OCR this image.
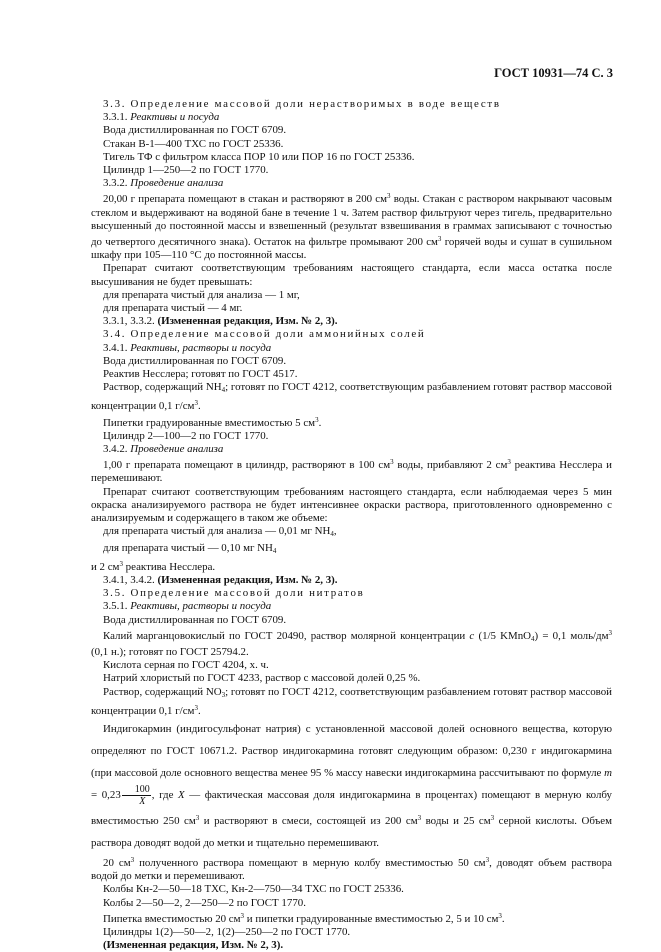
ГОСТ 10931—74 С. 3

3.3. Определение массовой доли нерастворимых в воде веществ

3.3.1. Реактивы и посуда

Вода дистиллированная по ГОСТ 6709.

Стакан В-1—400 ТХС по ГОСТ 25336.

Тигель ТФ с фильтром класса ПОР 10 или ПОР 16 по ГОСТ 25336.

Цилиндр 1—250—2 по ГОСТ 1770.

3.3.2. Проведение анализа

20,00 г препарата помещают в стакан и растворяют в 200 $см^3$ воды. Стакан с раствором накрывают часовым стеклом и выдерживают на водяной бане в течение 1 ч. Затем раствор фильтруют через тигель, предварительно высушенный до постоянной массы и взвешенный (результат взвешивания в граммах записывают с точностью до четвертого десятичного знака). Остаток на фильтре промывают 200 $см^3$ горячей воды и сушат в сушильном шкафу при 105—110 °С до постоянной массы.

Препарат считают соответствующим требованиям настоящего стандарта, если масса остатка после высушивания не будет превышать:

для препарата чистый для анализа — 1 мг,

для препарата чистый — 4 мг.

3.3.1, 3.3.2. (Измененная редакция, Изм. № 2, 3).

3.4. Определение массовой доли аммонийных солей

3.4.1. Реактивы, растворы и посуда

Вода дистиллированная по ГОСТ 6709.

Реактив Несслера; готовят по ГОСТ 4517.

Раствор, содержащий $NH_4$; готовят по ГОСТ 4212, соответствующим разбавлением готовят раствор массовой концентрации 0,1 $г/см^3$.

Пипетки градуированные вместимостью 5 $см^3$.

Цилиндр 2—100—2 по ГОСТ 1770.

3.4.2. Проведение анализа

1,00 г препарата помещают в цилиндр, растворяют в 100 $см^3$ воды, прибавляют 2 $см^3$ реактива Несслера и перемешивают.

Препарат считают соответствующим требованиям настоящего стандарта, если наблюдаемая через 5 мин окраска анализируемого раствора не будет интенсивнее окраски раствора, приготовленного одновременно с анализируемым и содержащего в таком же объеме:

для препарата чистый для анализа — 0,01 мг $NH_4$,

для препарата чистый — 0,10 мг $NH_4$

и 2 $см^3$ реактива Несслера.

3.4.1, 3.4.2. (Измененная редакция, Изм. № 2, 3).

3.5. Определение массовой доли нитратов

3.5.1. Реактивы, растворы и посуда

Вода дистиллированная по ГОСТ 6709.

Калий марганцовокислый по ГОСТ 20490, раствор молярной концентрации c (1/5 KMnO$_4$) = 0,1 моль/$дм^3$ (0,1 н.); готовят по ГОСТ 25794.2.

Кислота серная по ГОСТ 4204, х. ч.

Натрий хлористый по ГОСТ 4233, раствор с массовой долей 0,25 %.

Раствор, содержащий $NO_3$; готовят по ГОСТ 4212, соответствующим разбавлением готовят раствор массовой концентрации 0,1 $г/см^3$.

Индигокармин (индигосульфонат натрия) с установленной массовой долей основного вещества, которую определяют по ГОСТ 10671.2. Раствор индигокармина готовят следующим образом: 0,230 г индигокармина (при массовой доле основного вещества менее 95 % массу навески индигокармина рассчитывают по формуле $m = 0,23 \frac{100}{X}$ , где X — фактическая массовая доля индигокармина в процентах) помещают в мерную колбу вместимостью 250 $см^3$ и растворяют в смеси, состоящей из 200 $см^3$ воды и 25 $см^3$ серной кислоты. Объем раствора доводят водой до метки и тщательно перемешивают.

20 $см^3$ полученного раствора помещают в мерную колбу вместимостью 50 $см^3$, доводят объем раствора водой до метки и перемешивают.

Колбы Кн-2—50—18 ТХС, Кн-2—750—34 ТХС по ГОСТ 25336.

Колбы 2—50—2, 2—250—2 по ГОСТ 1770.

Пипетка вместимостью 20 $см^3$ и пипетки градуированные вместимостью 2, 5 и 10 $см^3$.

Цилиндры 1(2)—50—2, 1(2)—250—2 по ГОСТ 1770.

(Измененная редакция, Изм. № 2, 3).
